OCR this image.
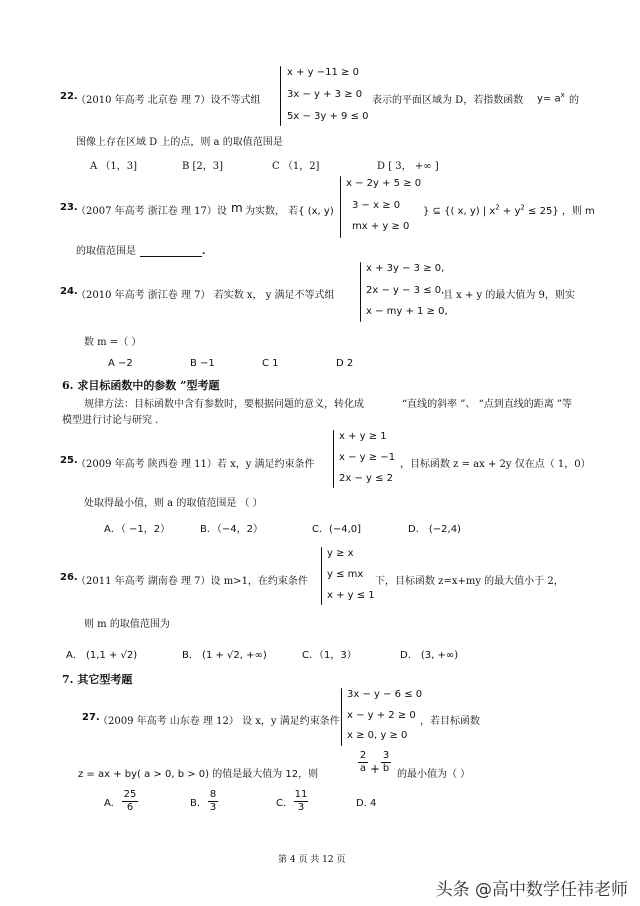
22.
（2010 年高考 北京卷 理 7）设不等式组
x + y −11 ≥ 0
3x − y + 3 ≥ 0
5x − 3y + 9 ≤ 0
表示的平面区域为 D，若指数函数 $y= a^x$ 的
图像上存在区域 D 上的点，则 a 的取值范围是
A （1，3]	B [2，3]	C （1，2]	D [ 3， +∞ ]
23.
（2007 年高考 浙江卷 理 17）设 m 为实数， 若{ (x, y)
x − 2y + 5 ≥ 0
3 − x ≥ 0
mx + y ≥ 0
} ⊆ {( x, y) | $x^2 + y^2 \le 25$} ，则 m
的取值范围是	.
24.
（2010 年高考 浙江卷 理 7） 若实数 x， y 满足不等式组
x + 3y − 3 ≥ 0,
2x − y − 3 ≤ 0,
x − my + 1 ≥ 0,
且 x + y 的最大值为 9，则实
数 m =（ ）
A −2	B −1	C 1	D 2
6. 求目标函数中的参数 ”型考题
规律方法：目标函数中含有参数时，要根据问题的意义，转化成	“直线的斜率 ”、 “点到直线的距离 ”等
模型进行讨论与研究 .
25.
（2009 年高考 陕西卷 理 11）若 x，y 满足约束条件
x + y ≥ 1
x − y ≥ −1
2x − y ≤ 2
，目标函数 z = ax + 2y 仅在点（ 1，0）
处取得最小值，则 a 的取值范围是 （ ）
A．（ −1，2）	B．（−4，2）	C．(−4,0]	D． (−2,4)
26.
（2011 年高考 湖南卷 理 7）设 m>1，在约束条件
y ≥ x
y ≤ mx
x + y ≤ 1
下，目标函数 z=x+my 的最大值小于 2，
则 m 的取值范围为
A． (1,1 + √2)	B． (1 + √2, +∞)	C．（1，3）	D． (3, +∞)
7. 其它型考题
27.
（2009 年高考 山东卷 理 12） 设 x，y 满足约束条件
3x − y − 6 ≤ 0
x − y + 2 ≥ 0
x ≥ 0, y ≥ 0
，若目标函数
z = ax + by( a > 0, b > 0) 的值是最大值为 12，则
2
a +
3
b
的最小值为（ ）
A.
25
6	B.
8
3	C.
11
3	D. 4
第 4 页 共 12 页
头条 @高中数学任祎老师
